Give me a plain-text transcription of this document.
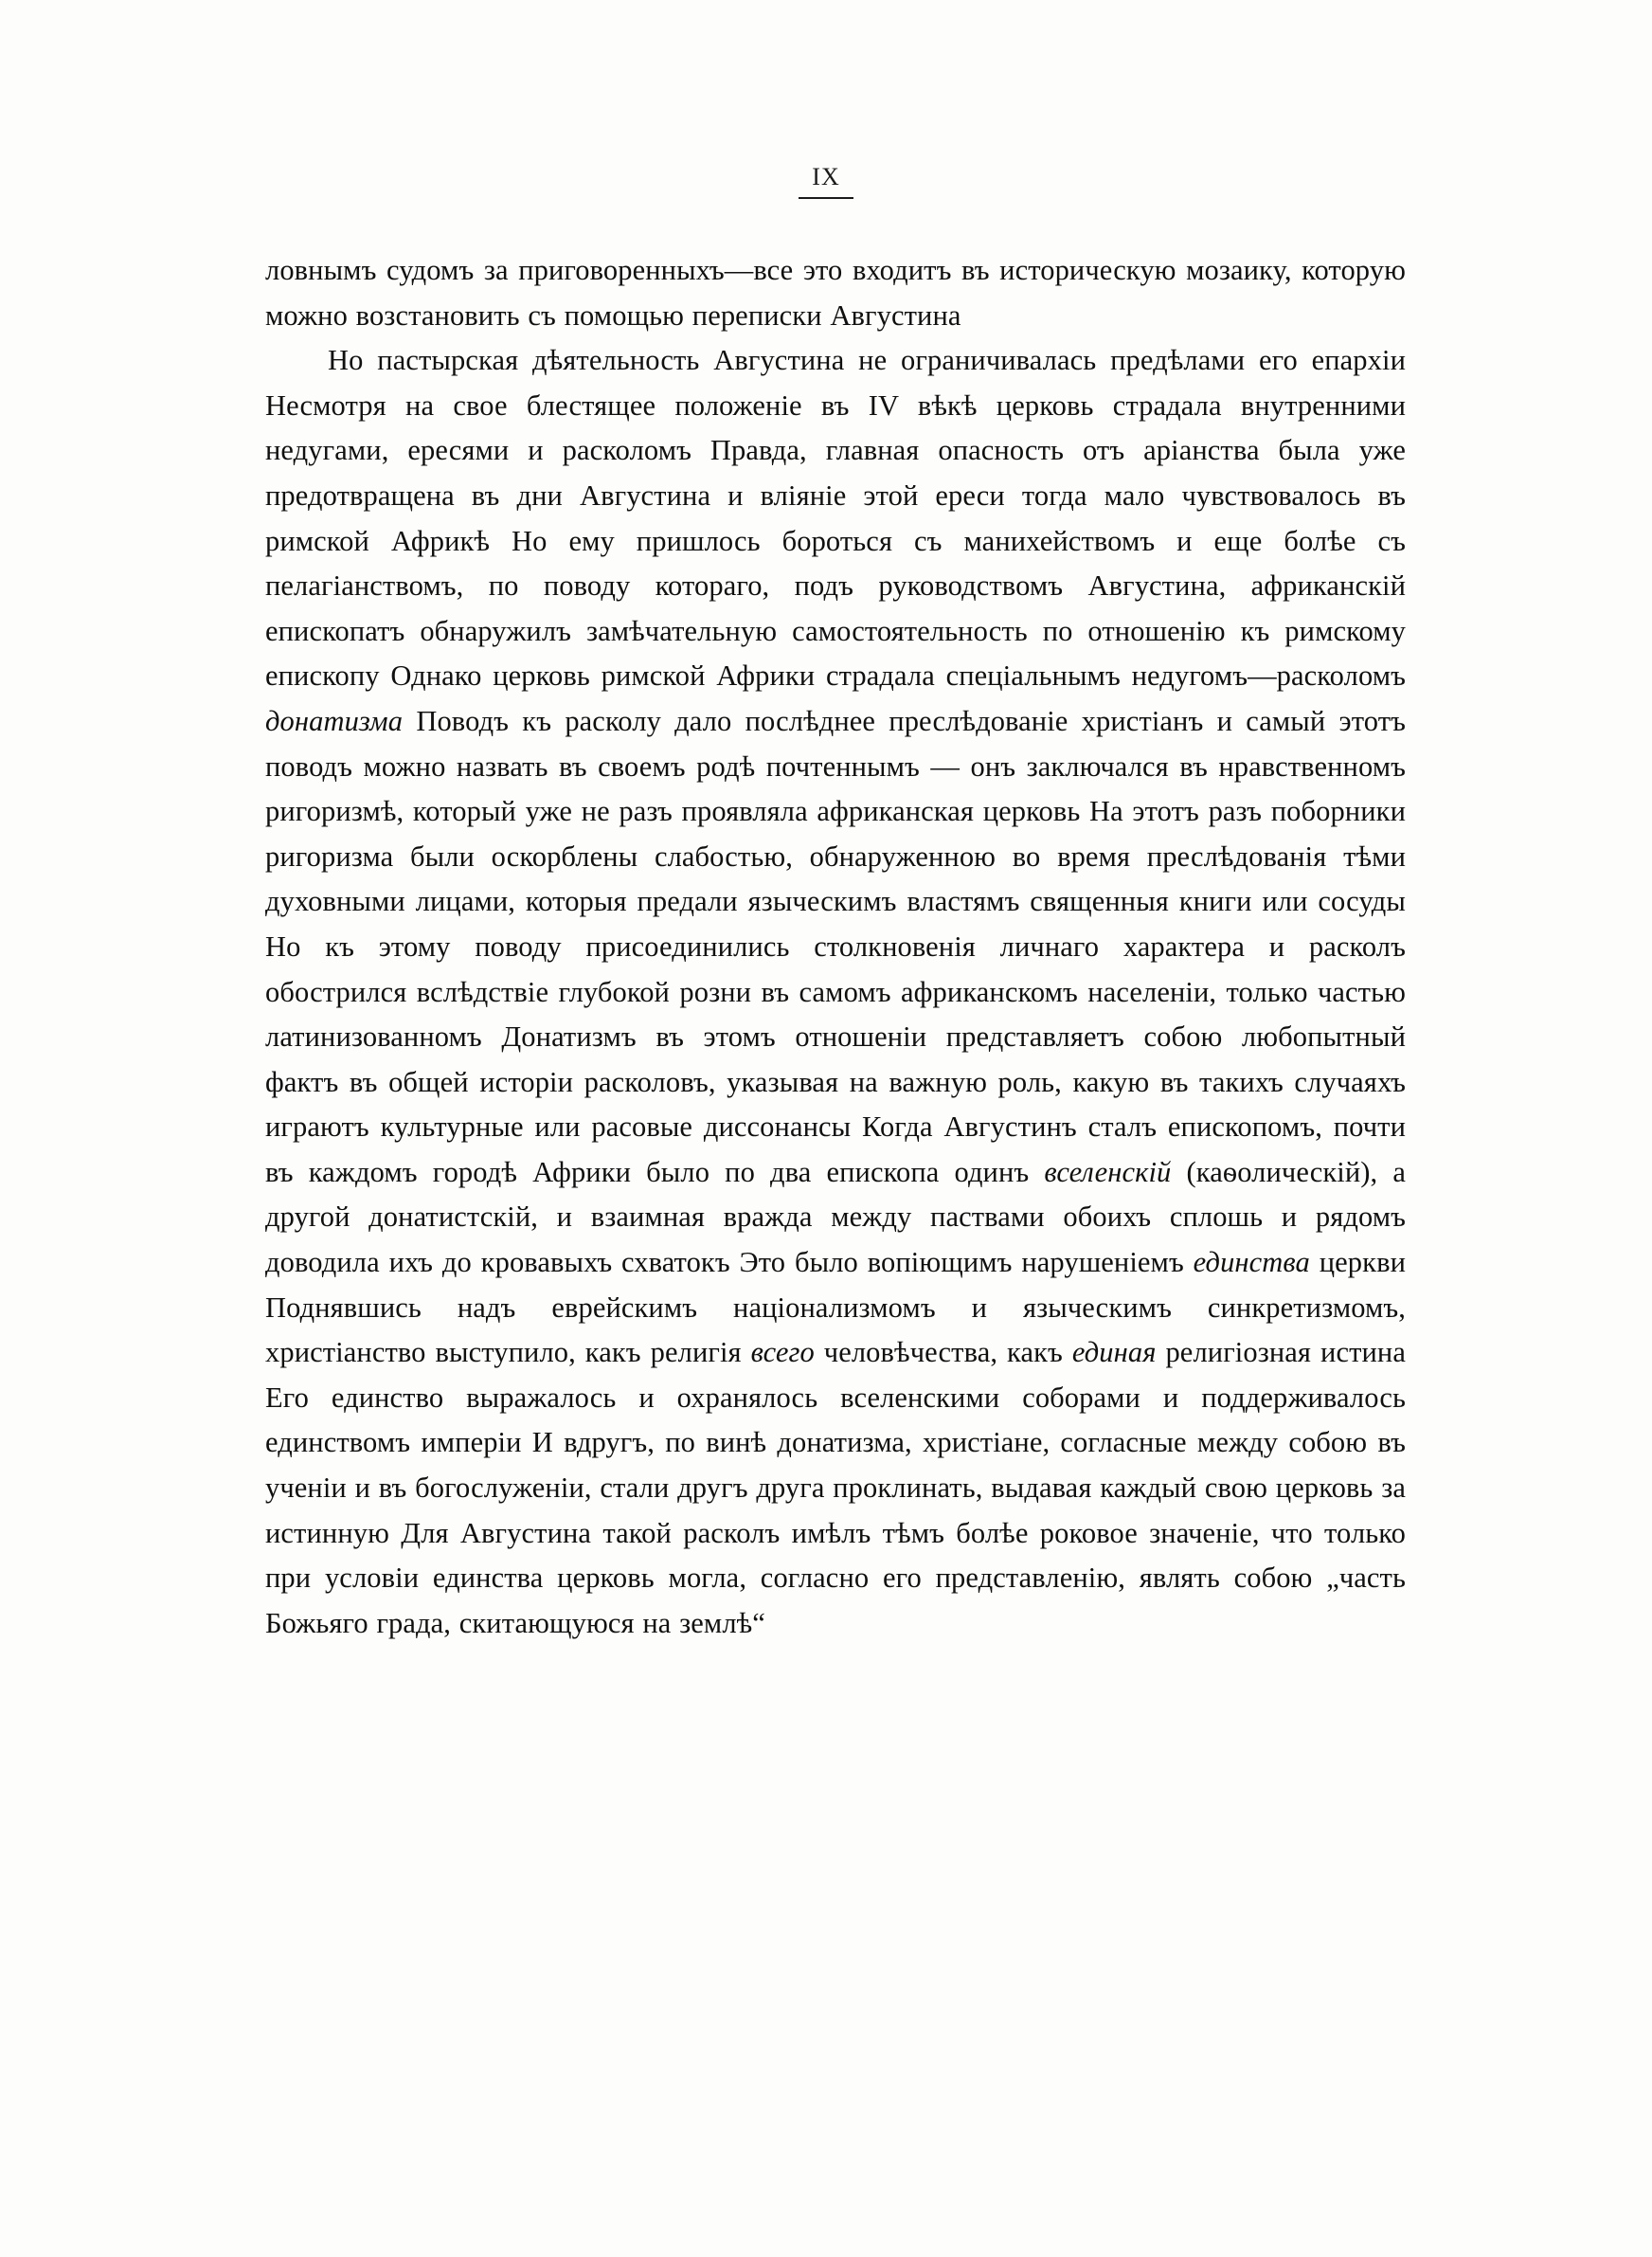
IX

ловнымъ судомъ за приговоренныхъ—все это входитъ въ историческую мозаику, которую можно возстановить съ помощью переписки Августина

Но пастырская дѣятельность Августина не ограничивалась предѣлами его епархiи Несмотря на свое блестящее положенiе въ IV вѣкѣ церковь страдала внутренними недугами, ересями и расколомъ Правда, главная опасность отъ арiанства была уже предотвращена въ дни Августина и влiянiе этой ереси тогда мало чувствовалось въ римской Африкѣ Но ему пришлось бороться съ манихействомъ и еще болѣе съ пелагiанствомъ, по поводу котораго, подъ руководствомъ Августина, африканскiй епископатъ обнаружилъ замѣчательную самостоятельность по отношенiю къ римскому епископу Однако церковь римской Африки страдала спецiальнымъ недугомъ—расколомъ донатизма Поводъ къ расколу дало послѣднее преслѣдованiе христiанъ и самый этотъ поводъ можно назвать въ своемъ родѣ почтеннымъ — онъ заключался въ нравственномъ ригоризмѣ, который уже не разъ проявляла африканская церковь На этотъ разъ поборники ригоризма были оскорблены слабостью, обнаруженною во время преслѣдованiя тѣми духовными лицами, которыя предали языческимъ властямъ священныя книги или сосуды Но къ этому поводу присоединились столкновенiя личнаго характера и расколъ обострился вслѣдствiе глубокой розни въ самомъ африканскомъ населенiи, только частью латинизованномъ Донатизмъ въ этомъ отношенiи представляетъ собою любопытный фактъ въ общей исторiи расколовъ, указывая на важную роль, какую въ такихъ случаяхъ играютъ культурные или расовые диссонансы Когда Августинъ сталъ епископомъ, почти въ каждомъ городѣ Африки было по два епископа одинъ вселенскiй (каѳолическiй), а другой донатистскiй, и взаимная вражда между паствами обоихъ сплошь и рядомъ доводила ихъ до кровавыхъ схватокъ Это было вопiющимъ нарушенiемъ единства церкви Поднявшись надъ еврейскимъ нацiонализмомъ и языческимъ синкретизмомъ, христiанство выступило, какъ религiя всего человѣчества, какъ единая религiозная истина Его единство выражалось и охранялось вселенскими соборами и поддерживалось единствомъ имперiи И вдругъ, по винѣ донатизма, христiане, согласные между собою въ ученiи и въ богослуженiи, стали другъ друга проклинать, выдавая каждый свою церковь за истинную Для Августина такой расколъ имѣлъ тѣмъ болѣе роковое значенiе, что только при условiи единства церковь могла, согласно его представленiю, являть собою „часть Божьяго града, скитающуюся на землѣ“
